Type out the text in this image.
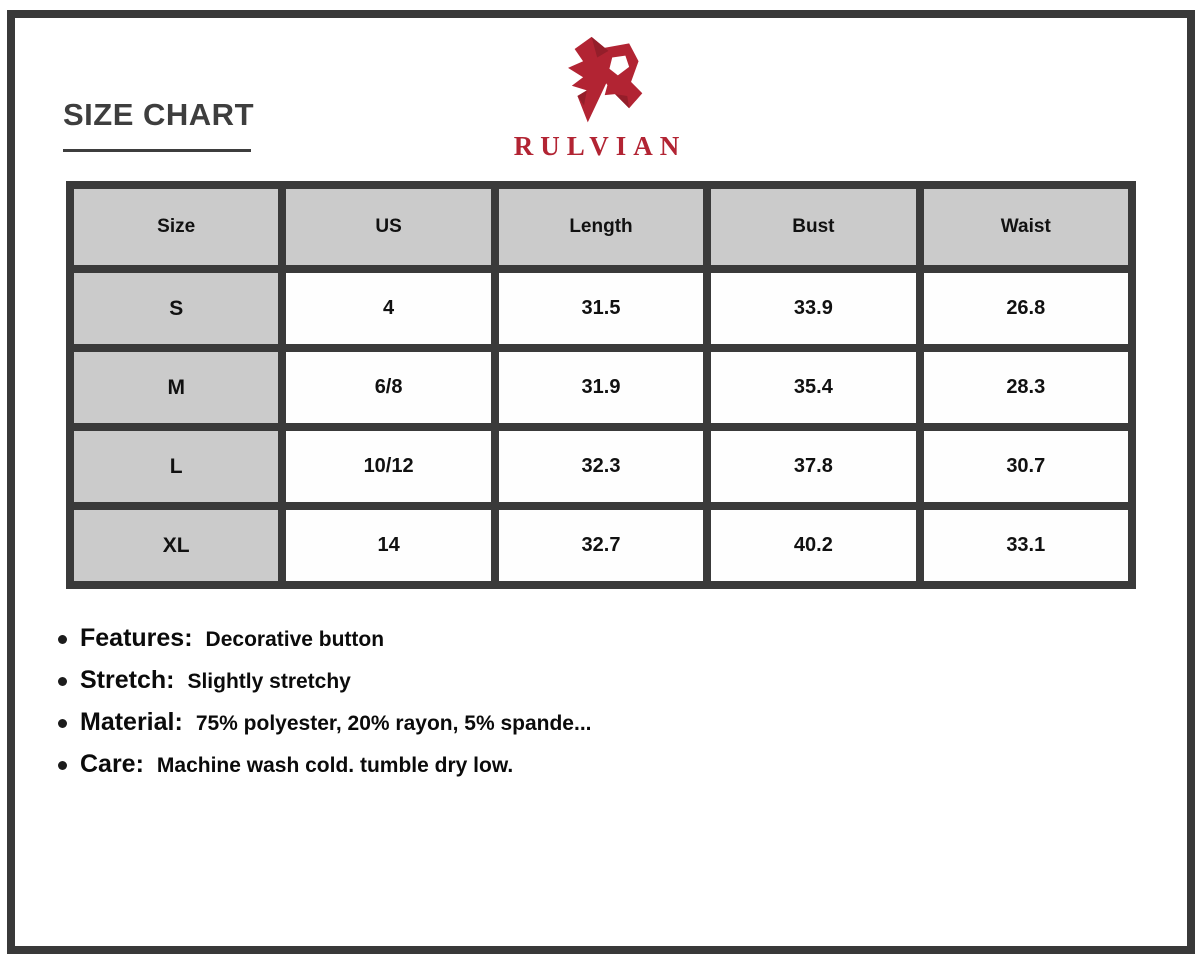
SIZE CHART
RULVIAN
Size	US	Length	Bust	Waist
S	4	31.5	33.9	26.8
M	6/8	31.9	35.4	28.3
L	10/12	32.3	37.8	30.7
XL	14	32.7	40.2	33.1
Features: Decorative button
Stretch: Slightly stretchy
Material: 75% polyester, 20% rayon, 5% spande...
Care: Machine wash cold. tumble dry low.
